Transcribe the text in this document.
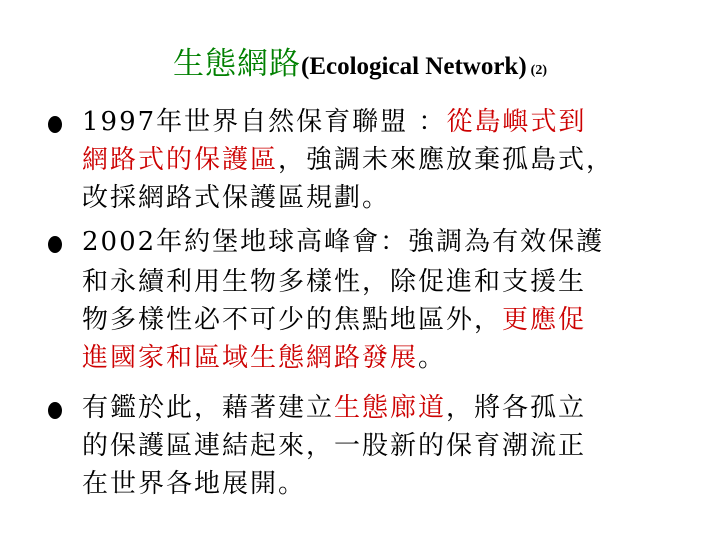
生態網路(Ecological Network) (2)
1997年世界自然保育聯盟 ：從島嶼式到
網路式的保護區，強調未來應放棄孤島式，
改採網路式保護區規劃。
2002年約堡地球高峰會：強調為有效保護
和永續利用生物多樣性，除促進和支援生
物多樣性必不可少的焦點地區外，更應促
進國家和區域生態網路發展。
有鑑於此，藉著建立生態廊道，將各孤立
的保護區連結起來，一股新的保育潮流正
在世界各地展開。
